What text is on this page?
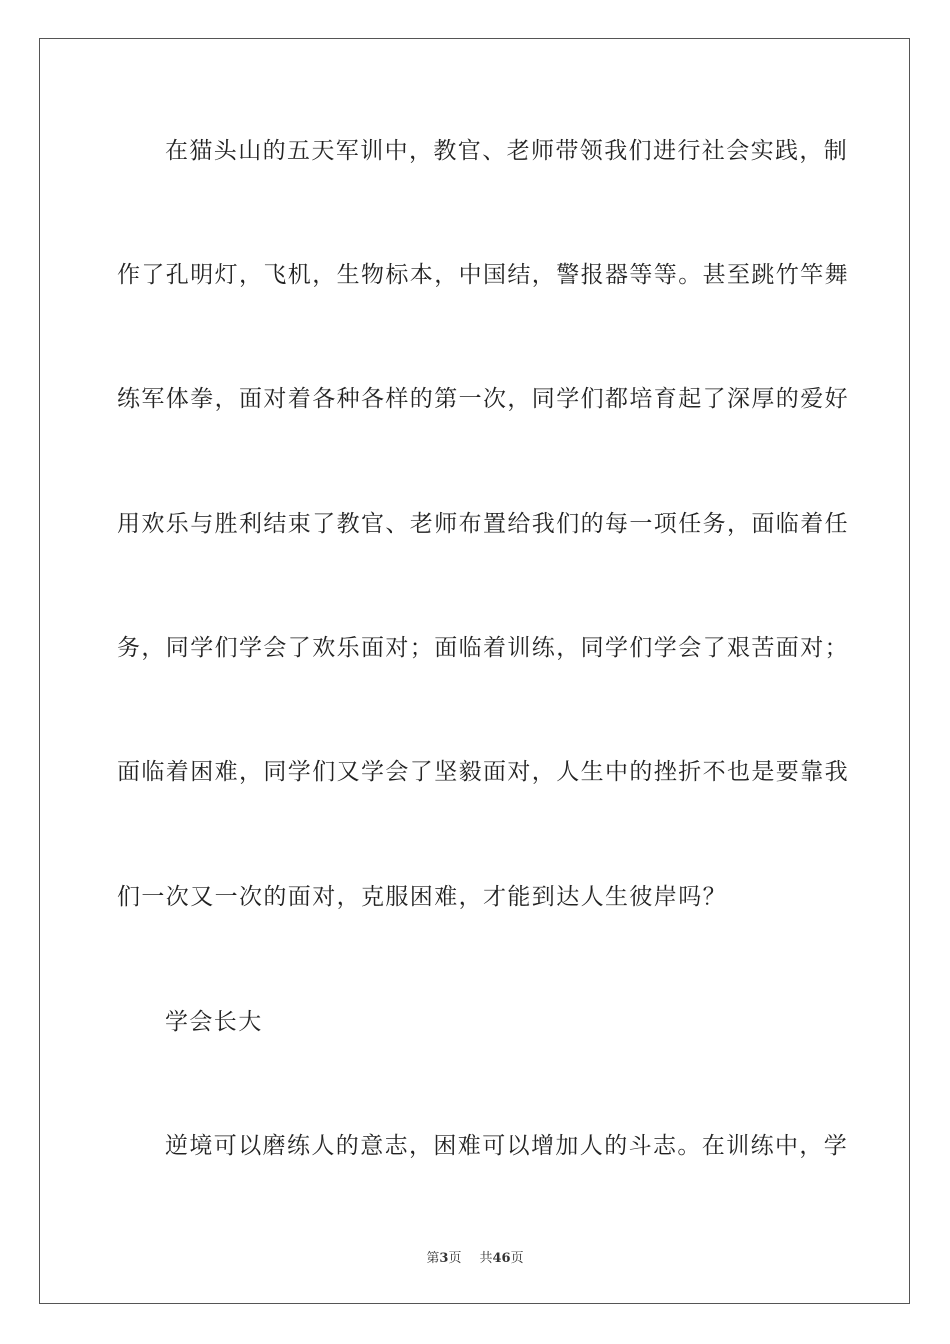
在猫头山的五天军训中，教官、老师带领我们进行社会实践，制
作了孔明灯，飞机，生物标本，中国结，警报器等等。甚至跳竹竿舞
练军体拳，面对着各种各样的第一次，同学们都培育起了深厚的爱好
用欢乐与胜利结束了教官、老师布置给我们的每一项任务，面临着任
务，同学们学会了欢乐面对；面临着训练，同学们学会了艰苦面对；
面临着困难，同学们又学会了坚毅面对，人生中的挫折不也是要靠我
们一次又一次的面对，克服困难，才能到达人生彼岸吗？
学会长大
逆境可以磨练人的意志，困难可以增加人的斗志。在训练中，学
第3页 共46页
